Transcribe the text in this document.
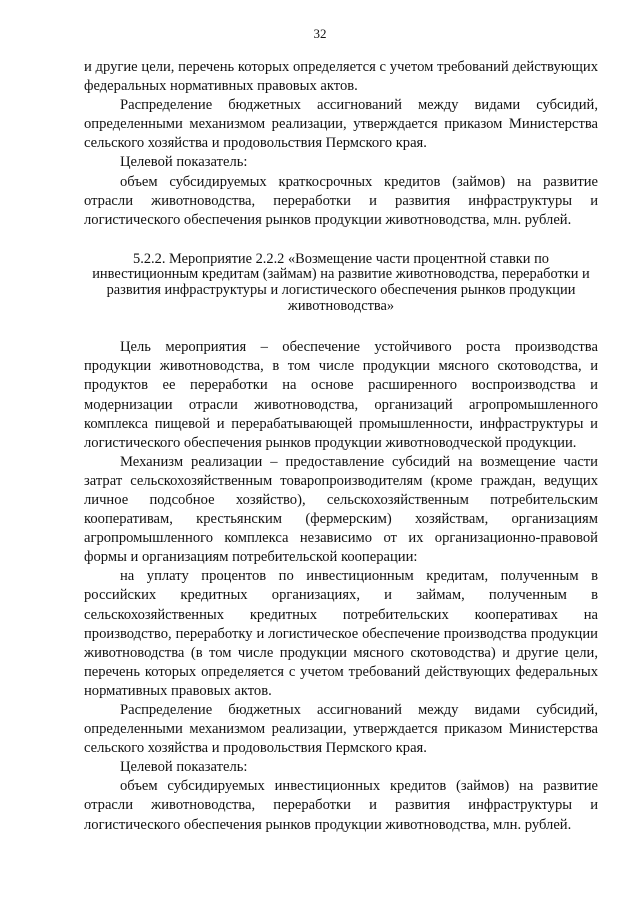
32

и другие цели, перечень которых определяется с учетом требований действующих федеральных нормативных правовых актов.

Распределение бюджетных ассигнований между видами субсидий, определенными механизмом реализации, утверждается приказом Министерства сельского хозяйства и продовольствия Пермского края.

Целевой показатель:

объем субсидируемых краткосрочных кредитов (займов) на развитие отрасли животноводства, переработки и развития инфраструктуры и логистического обеспечения рынков продукции животноводства, млн. рублей.

5.2.2. Мероприятие 2.2.2 «Возмещение части процентной ставки по инвестиционным кредитам (займам) на развитие животноводства, переработки и развития инфраструктуры и логистического обеспечения рынков продукции животноводства»

Цель мероприятия – обеспечение устойчивого роста производства продукции животноводства, в том числе продукции мясного скотоводства, и продуктов ее переработки на основе расширенного воспроизводства и модернизации отрасли животноводства, организаций агропромышленного комплекса пищевой и перерабатывающей промышленности, инфраструктуры и логистического обеспечения рынков продукции животноводческой продукции.

Механизм реализации – предоставление субсидий на возмещение части затрат сельскохозяйственным товаропроизводителям (кроме граждан, ведущих личное подсобное хозяйство), сельскохозяйственным потребительским кооперативам, крестьянским (фермерским) хозяйствам, организациям агропромышленного комплекса независимо от их организационно-правовой формы и организациям потребительской кооперации:

на уплату процентов по инвестиционным кредитам, полученным в российских кредитных организациях, и займам, полученным в сельскохозяйственных кредитных потребительских кооперативах на производство, переработку и логистическое обеспечение производства продукции животноводства (в том числе продукции мясного скотоводства) и другие цели, перечень которых определяется с учетом требований действующих федеральных нормативных правовых актов.

Распределение бюджетных ассигнований между видами субсидий, определенными механизмом реализации, утверждается приказом Министерства сельского хозяйства и продовольствия Пермского края.

Целевой показатель:

объем субсидируемых инвестиционных кредитов (займов) на развитие отрасли животноводства, переработки и развития инфраструктуры и логистического обеспечения рынков продукции животноводства, млн. рублей.
